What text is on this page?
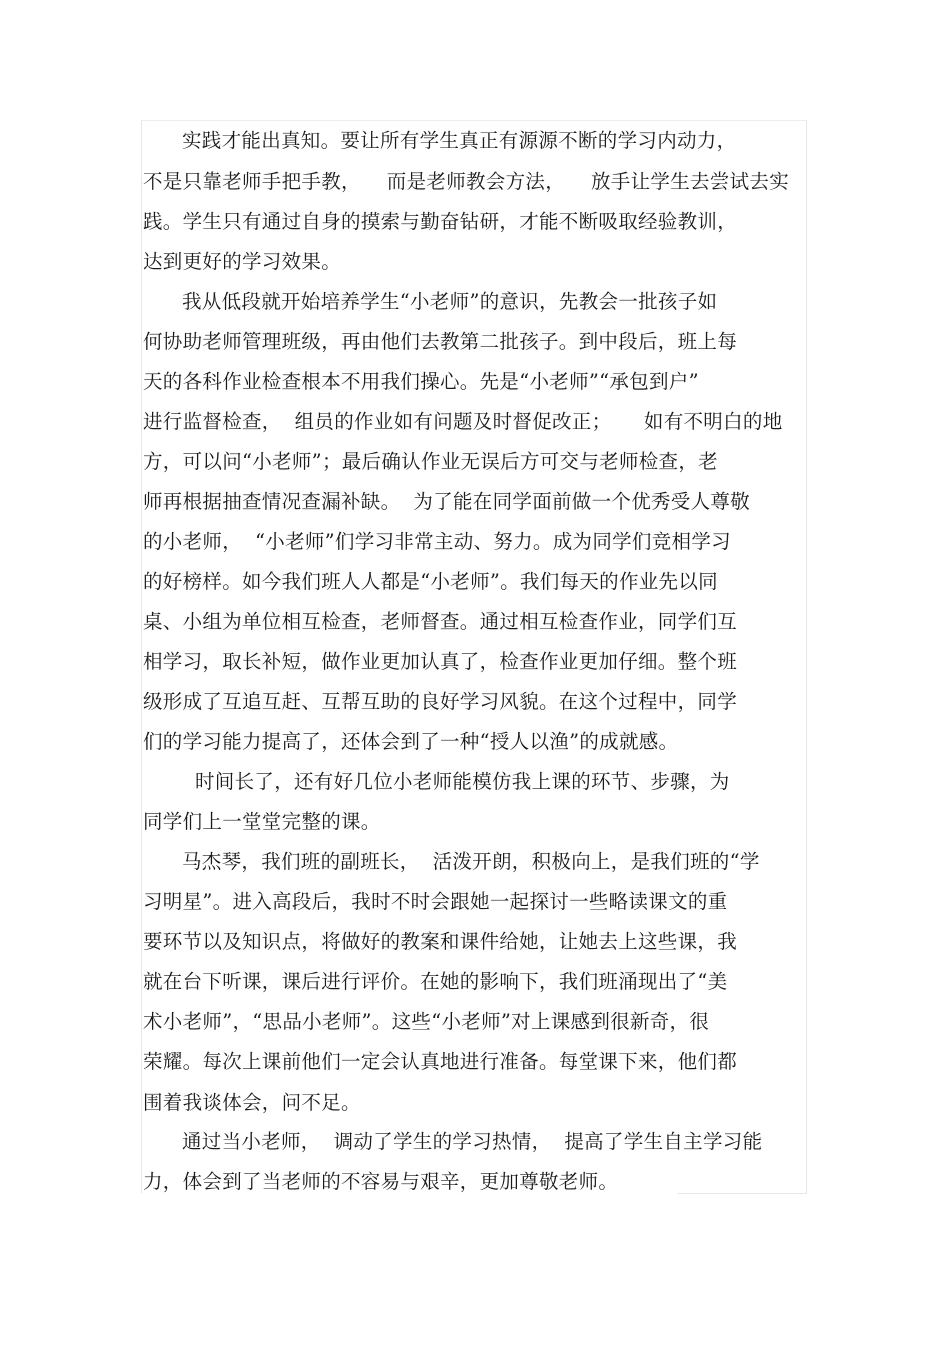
实践才能出真知。要让所有学生真正有源源不断的学习内动力，
不是只靠老师手把手教，    而是老师教会方法，    放手让学生去尝试去实
践。学生只有通过自身的摸索与勤奋钻研，才能不断吸取经验教训，
达到更好的学习效果。
我从低段就开始培养学生“小老师”的意识，先教会一批孩子如
何协助老师管理班级，再由他们去教第二批孩子。到中段后，班上每
天的各科作业检查根本不用我们操心。先是“小老师”“承包到户”
进行监督检查，  组员的作业如有问题及时督促改正；     如有不明白的地
方，可以问“小老师”；最后确认作业无误后方可交与老师检查，老
师再根据抽查情况查漏补缺。  为了能在同学面前做一个优秀受人尊敬
的小老师，  “小老师”们学习非常主动、努力。成为同学们竞相学习
的好榜样。如今我们班人人都是“小老师”。我们每天的作业先以同
桌、小组为单位相互检查，老师督查。通过相互检查作业，同学们互
相学习，取长补短，做作业更加认真了，检查作业更加仔细。整个班
级形成了互追互赶、互帮互助的良好学习风貌。在这个过程中，同学
们的学习能力提高了，还体会到了一种“授人以渔”的成就感。
时间长了，还有好几位小老师能模仿我上课的环节、步骤，为
同学们上一堂堂完整的课。
马杰琴，我们班的副班长，  活泼开朗，积极向上，是我们班的“学
习明星”。进入高段后，我时不时会跟她一起探讨一些略读课文的重
要环节以及知识点，将做好的教案和课件给她，让她去上这些课，我
就在台下听课，课后进行评价。在她的影响下，我们班涌现出了“美
术小老师”，“思品小老师”。这些“小老师”对上课感到很新奇，很
荣耀。每次上课前他们一定会认真地进行准备。每堂课下来，他们都
围着我谈体会，问不足。
通过当小老师，  调动了学生的学习热情，  提高了学生自主学习能
力，体会到了当老师的不容易与艰辛，更加尊敬老师。
